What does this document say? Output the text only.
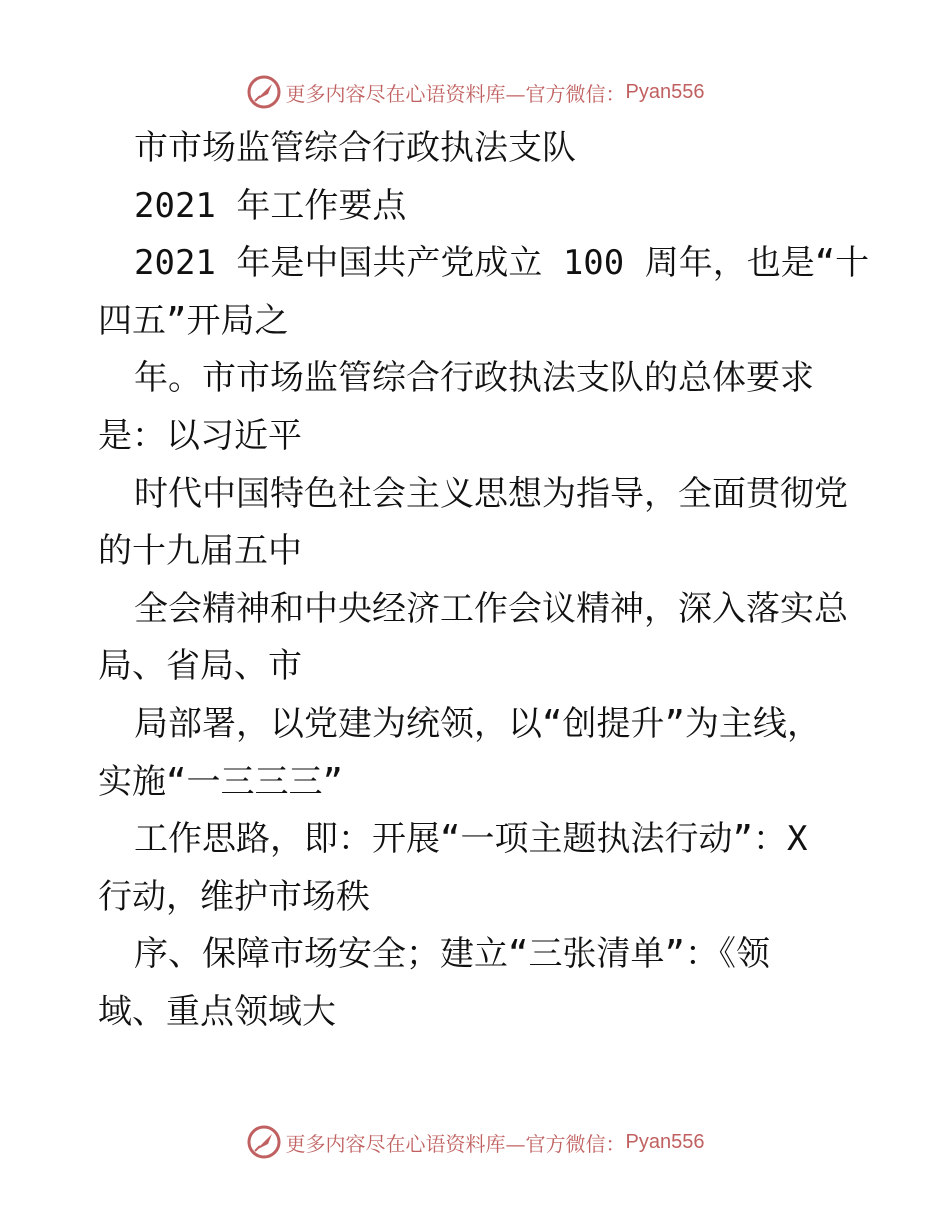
更多内容尽在心语资料库—官方微信： Pyan556
市市场监管综合行政执法支队
2021 年工作要点
2021 年是中国共产党成立 100 周年，也是“十
四五”开局之
年。市市场监管综合行政执法支队的总体要求
是：以习近平
时代中国特色社会主义思想为指导，全面贯彻党
的十九届五中
全会精神和中央经济工作会议精神，深入落实总
局、省局、市
局部署，以党建为统领，以“创提升”为主线，
实施“一三三三”
工作思路，即：开展“一项主题执法行动”：X
行动，维护市场秩
序、保障市场安全；建立“三张清单”：《领
域、重点领域大
更多内容尽在心语资料库—官方微信： Pyan556
